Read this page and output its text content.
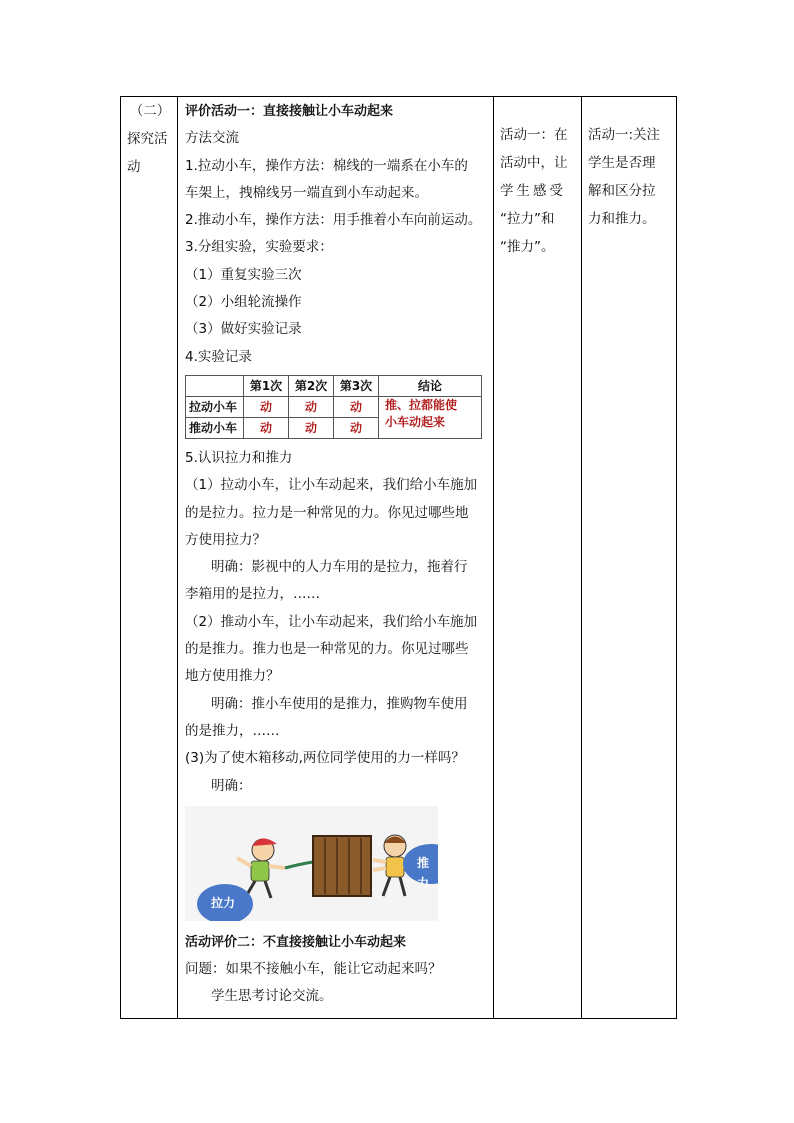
（二）
探究活
动

评价活动一：直接接触让小车动起来
方法交流
1.拉动小车，操作方法：棉线的一端系在小车的
车架上，拽棉线另一端直到小车动起来。
2.推动小车，操作方法：用手推着小车向前运动。
3.分组实验，实验要求：
（1）重复实验三次
（2）小组轮流操作
（3）做好实验记录
4.实验记录
	第1次	第2次	第3次	结论
拉动小车	动	动	动	推、拉都能使
小车动起来

推动小车	动	动	动
5.认识拉力和推力
（1）拉动小车，让小车动起来，我们给小车施加
的是拉力。拉力是一种常见的力。你见过哪些地
方使用拉力？
明确：影视中的人力车用的是拉力，拖着行
李箱用的是拉力，……
（2）推动小车，让小车动起来，我们给小车施加
的是推力。推力也是一种常见的力。你见过哪些
地方使用推力？
明确：推小车使用的是推力，推购物车使用
的是推力，……
(3)为了使木箱移动,两位同学使用的力一样吗？
明确：
拉力
推力
活动评价二：不直接接触让小车动起来
问题：如果不接触小车，能让它动起来吗？
学生思考讨论交流。

活动一：在
活动中，让
学生感受
“拉力”和
“推力”。

活动一:关注
学生是否理
解和区分拉
力和推力。
